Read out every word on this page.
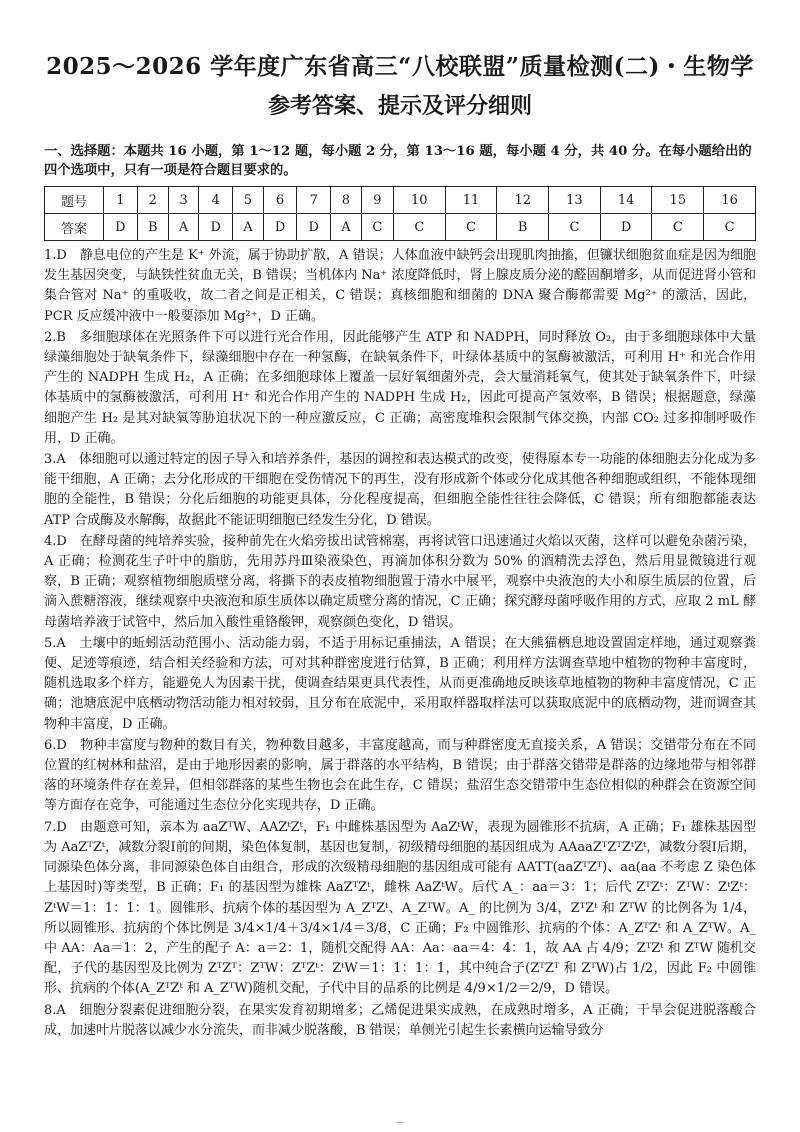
2025～2026 学年度广东省高三“八校联盟”质量检测(二)・生物学
参考答案、提示及评分细则
一、选择题：本题共 16 小题，第 1～12 题，每小题 2 分，第 13～16 题，每小题 4 分，共 40 分。在每小题给出的四个选项中，只有一项是符合题目要求的。
题号	1	2	3	4	5	6	7	8	9	10	11	12	13	14	15	16
答案	D	B	A	D	A	D	D	A	C	C	C	B	C	D	C	C

1.D　静息电位的产生是 K⁺ 外流，属于协助扩散，A 错误；人体血液中缺钙会出现肌肉抽搐，但镰状细胞贫血症是因为细胞发生基因突变，与缺铁性贫血无关，B 错误；当机体内 Na⁺ 浓度降低时，肾上腺皮质分泌的醛固酮增多，从而促进肾小管和集合管对 Na⁺ 的重吸收，故二者之间是正相关，C 错误；真核细胞和细菌的 DNA 聚合酶都需要 Mg²⁺ 的激活，因此，PCR 反应缓冲液中一般要添加 Mg²⁺，D 正确。

2.B　多细胞球体在光照条件下可以进行光合作用，因此能够产生 ATP 和 NADPH，同时释放 O₂，由于多细胞球体中大量绿藻细胞处于缺氧条件下，绿藻细胞中存在一种氢酶，在缺氧条件下，叶绿体基质中的氢酶被激活，可利用 H⁺ 和光合作用产生的 NADPH 生成 H₂，A 正确；在多细胞球体上覆盖一层好氧细菌外壳，会大量消耗氧气，使其处于缺氧条件下，叶绿体基质中的氢酶被激活，可利用 H⁺ 和光合作用产生的 NADPH 生成 H₂，因此可提高产氢效率，B 错误；根据题意，绿藻细胞产生 H₂ 是其对缺氧等胁迫状况下的一种应激反应，C 正确；高密度堆积会限制气体交换，内部 CO₂ 过多抑制呼吸作用，D 正确。

3.A　体细胞可以通过特定的因子导入和培养条件，基因的调控和表达模式的改变，使得原本专一功能的体细胞去分化成为多能干细胞，A 正确；去分化形成的干细胞在受伤情况下的再生，没有形成新个体或分化成其他各种细胞或组织，不能体现细胞的全能性，B 错误；分化后细胞的功能更具体，分化程度提高，但细胞全能性往往会降低，C 错误；所有细胞都能表达 ATP 合成酶及水解酶，故据此不能证明细胞已经发生分化，D 错误。

4.D　在酵母菌的纯培养实验，接种前先在火焰旁拔出试管棉塞，再将试管口迅速通过火焰以灭菌，这样可以避免杂菌污染，A 正确；检测花生子叶中的脂肪，先用苏丹Ⅲ染液染色，再滴加体积分数为 50% 的酒精洗去浮色，然后用显微镜进行观察，B 正确；观察植物细胞质壁分离，将撕下的表皮植物细胞置于清水中展平，观察中央液泡的大小和原生质层的位置，后滴入蔗糖溶液，继续观察中央液泡和原生质体以确定质壁分离的情况，C 正确；探究酵母菌呼吸作用的方式，应取 2 mL 酵母菌培养液于试管中，然后加入酸性重铬酸钾，观察颜色变化，D 错误。

5.A　土壤中的蚯蚓活动范围小、活动能力弱，不适于用标记重捕法，A 错误；在大熊猫栖息地设置固定样地，通过观察粪便、足迹等痕迹，结合相关经验和方法，可对其种群密度进行估算，B 正确；利用样方法调查草地中植物的物种丰富度时，随机选取多个样方，能避免人为因素干扰，使调查结果更具代表性，从而更准确地反映该草地植物的物种丰富度情况，C 正确；池塘底泥中底栖动物活动能力相对较弱，且分布在底泥中，采用取样器取样法可以获取底泥中的底栖动物，进而调查其物种丰富度，D 正确。

6.D　物种丰富度与物种的数目有关，物种数目越多，丰富度越高，而与种群密度无直接关系，A 错误；交错带分布在不同位置的红树林和盐沼，是由于地形因素的影响，属于群落的水平结构，B 错误；由于群落交错带是群落的边缘地带与相邻群落的环境条件存在差异，但相邻群落的某些生物也会在此生存，C 错误；盐沼生态交错带中生态位相似的种群会在资源空间等方面存在竞争，可能通过生态位分化实现共存，D 正确。

7.D　由题意可知，亲本为 aaZᵀW、AAZᵗZᵗ，F₁ 中雌株基因型为 AaZᵗW，表现为圆锥形不抗病，A 正确；F₁ 雄株基因型为 AaZᵀZᵗ，减数分裂Ⅰ前的间期，染色体复制，基因也复制，初级精母细胞的基因组成为 AAaaZᵀZᵀZᵗZᵗ，减数分裂Ⅰ后期，同源染色体分离，非同源染色体自由组合，形成的次级精母细胞的基因组成可能有 AATT(aaZᵀZᵀ)、aa(aa 不考虑 Z 染色体上基因时)等类型，B 正确；F₁ 的基因型为雄株 AaZᵀZᵗ，雌株 AaZᵗW。后代 A_：aa＝3：1；后代 ZᵀZᵗ：ZᵀW：ZᵗZᵗ：ZᵗW＝1：1：1：1。圆锥形、抗病个体的基因型为 A_ZᵀZᵗ、A_ZᵀW。A_ 的比例为 3/4，ZᵀZᵗ 和 ZᵀW 的比例各为 1/4，所以圆锥形、抗病的个体比例是 3/4×1/4＋3/4×1/4＝3/8，C 正确；F₂ 中圆锥形、抗病的个体：A_ZᵀZᵗ 和 A_ZᵀW。A_ 中 AA：Aa＝1：2，产生的配子 A：a＝2：1，随机交配得 AA：Aa：aa＝4：4：1，故 AA 占 4/9；ZᵀZᵗ 和 ZᵀW 随机交配，子代的基因型及比例为 ZᵀZᵀ：ZᵀW：ZᵀZᵗ：ZᵗW＝1：1：1：1，其中纯合子(ZᵀZᵀ 和 ZᵀW)占 1/2，因此 F₂ 中圆锥形、抗病的个体(A_ZᵀZᵗ 和 A_ZᵀW)随机交配，子代中目的品系的比例是 4/9×1/2＝2/9，D 错误。

8.A　细胞分裂素促进细胞分裂，在果实发育初期增多；乙烯促进果实成熟，在成熟时增多，A 正确；干旱会促进脱落酸合成，加速叶片脱落以减少水分流失，而非减少脱落酸，B 错误；单侧光引起生长素横向运输导致分

－
